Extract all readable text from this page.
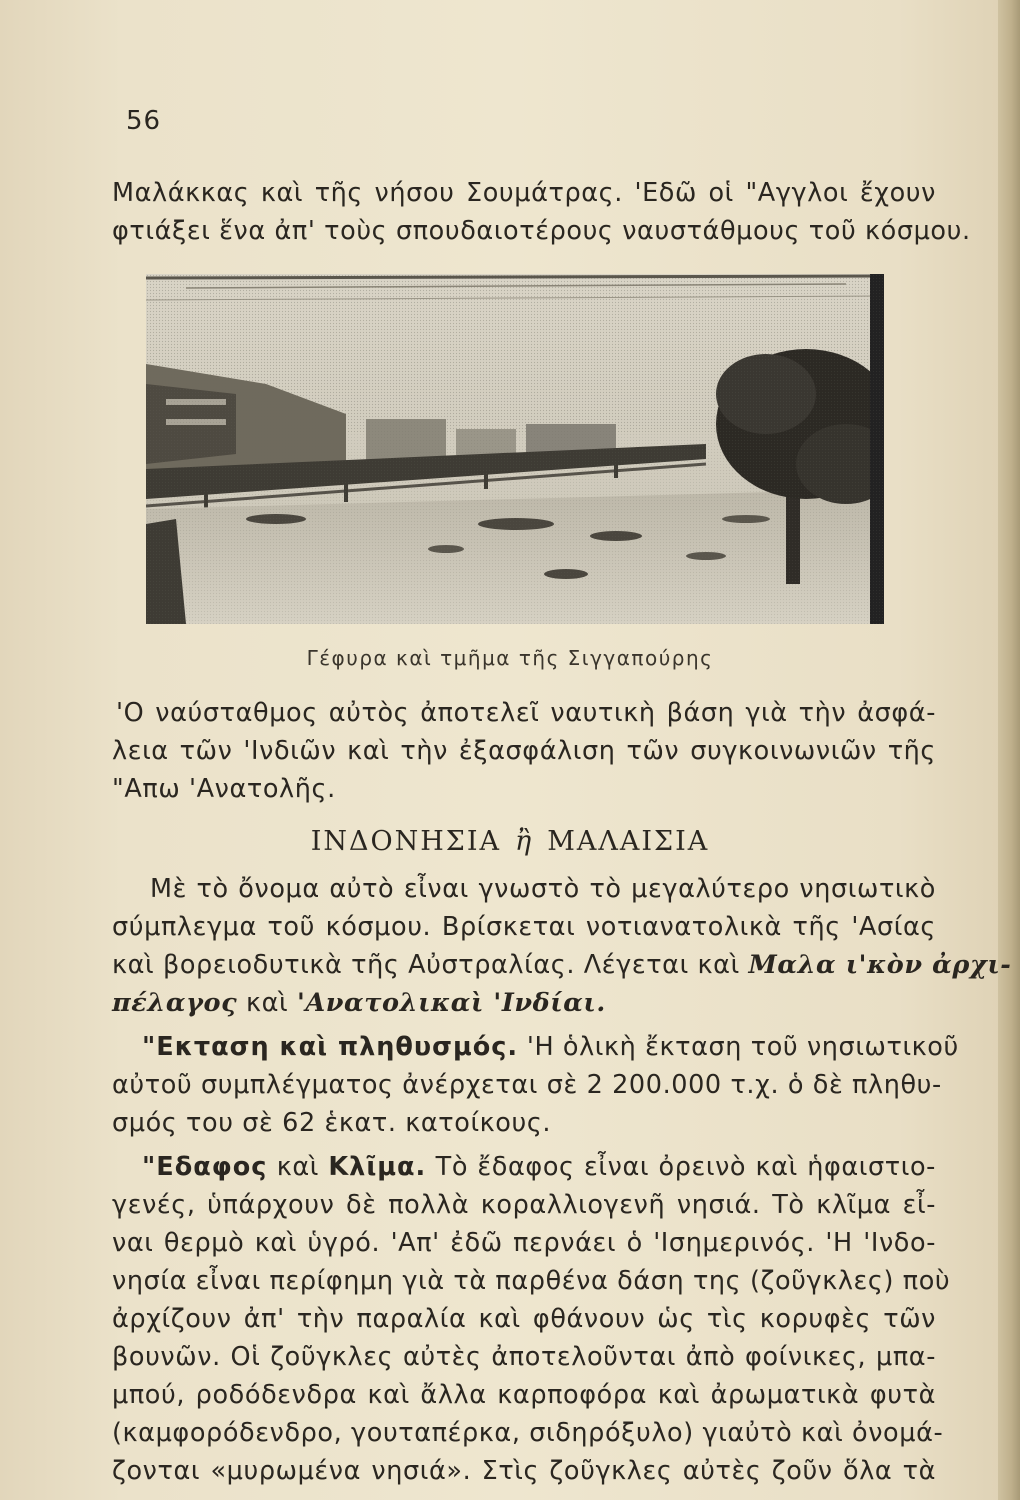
56
Μαλάκκας καὶ τῆς νήσου Σουμάτρας. 'Εδῶ οἱ "Αγγλοι ἔχουν
φτιάξει ἕνα ἀπ' τοὺς σπουδαιοτέρους ναυστάθμους τοῦ κόσμου.
Γέφυρα καὶ τμῆμα τῆς Σιγγαπούρης
'Ο ναύσταθμος αὐτὸς ἀποτελεῖ ναυτικὴ βάση γιὰ τὴν ἀσφά-
λεια τῶν 'Ινδιῶν καὶ τὴν ἐξασφάλιση τῶν συγκοινωνιῶν τῆς
"Απω 'Ανατολῆς.
ΙΝΔΟΝΗΣΙΑ ἢ ΜΑΛΑΙΣΙΑ
Μὲ τὸ ὄνομα αὐτὸ εἶναι γνωστὸ τὸ μεγαλύτερο νησιωτικὸ
σύμπλεγμα τοῦ κόσμου. Βρίσκεται νοτιανατολικὰ τῆς 'Ασίας
καὶ βορειοδυτικὰ τῆς Αὐστραλίας. Λέγεται καὶ Μαλα ι'κὸν ἀρχι-
πέλαγος καὶ 'Ανατολικαὶ 'Ινδίαι.
"Εκταση καὶ πληθυσμός. 'Η ὁλικὴ ἔκταση τοῦ νησιωτικοῦ
αὐτοῦ συμπλέγματος ἀνέρχεται σὲ 2 200.000 τ.χ. ὁ δὲ πληθυ-
σμός του σὲ 62 ἑκατ. κατοίκους.
"Εδαφος καὶ Κλῖμα. Τὸ ἔδαφος εἶναι ὀρεινὸ καὶ ἡφαιστιο-
γενές, ὑπάρχουν δὲ πολλὰ κοραλλιογενῆ νησιά. Τὸ κλῖμα εἶ-
ναι θερμὸ καὶ ὑγρό. 'Απ' ἐδῶ περνάει ὁ 'Ισημερινός. 'Η 'Ινδο-
νησία εἶναι περίφημη γιὰ τὰ παρθένα δάση της (ζοῦγκλες) ποὺ
ἀρχίζουν ἀπ' τὴν παραλία καὶ φθάνουν ὡς τὶς κορυφὲς τῶν
βουνῶν. Οἱ ζοῦγκλες αὐτὲς ἀποτελοῦνται ἀπὸ φοίνικες, μπα-
μπού, ροδόδενδρα καὶ ἄλλα καρποφόρα καὶ ἀρωματικὰ φυτὰ
(καμφορόδενδρο, γουταπέρκα, σιδηρόξυλο) γιαὐτὸ καὶ ὀνομά-
ζονται «μυρωμένα νησιά». Στὶς ζοῦγκλες αὐτὲς ζοῦν ὅλα τὰ
